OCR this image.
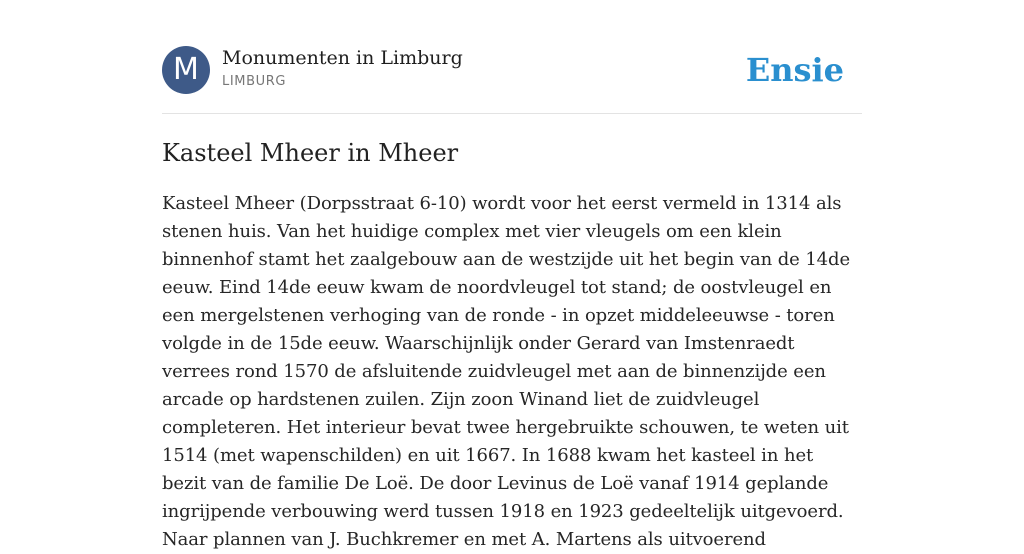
M	Monumenten in Limburg
LIMBURG	Ensie
Kasteel Mheer in Mheer

Kasteel Mheer (Dorpsstraat 6-10) wordt voor het eerst vermeld in 1314 als stenen huis. Van het huidige complex met vier vleugels om een klein binnenhof stamt het zaalgebouw aan de westzijde uit het begin van de 14de eeuw. Eind 14de eeuw kwam de noordvleugel tot stand; de oostvleugel en een mergelstenen verhoging van de ronde - in opzet middeleeuwse - toren volgde in de 15de eeuw. Waarschijnlijk onder Gerard van Imstenraedt verrees rond 1570 de afsluitende zuidvleugel met aan de binnenzijde een arcade op hardstenen zuilen. Zijn zoon Winand liet de zuidvleugel completeren. Het interieur bevat twee hergebruikte schouwen, te weten uit 1514 (met wapenschilden) en uit 1667. In 1688 kwam het kasteel in het bezit van de familie De Loë. De door Levinus de Loë vanaf 1914 geplande ingrijpende verbouwing werd tussen 1918 en 1923 gedeeltelijk uitgevoerd. Naar plannen van J. Buchkremer en met A. Martens als uitvoerend
